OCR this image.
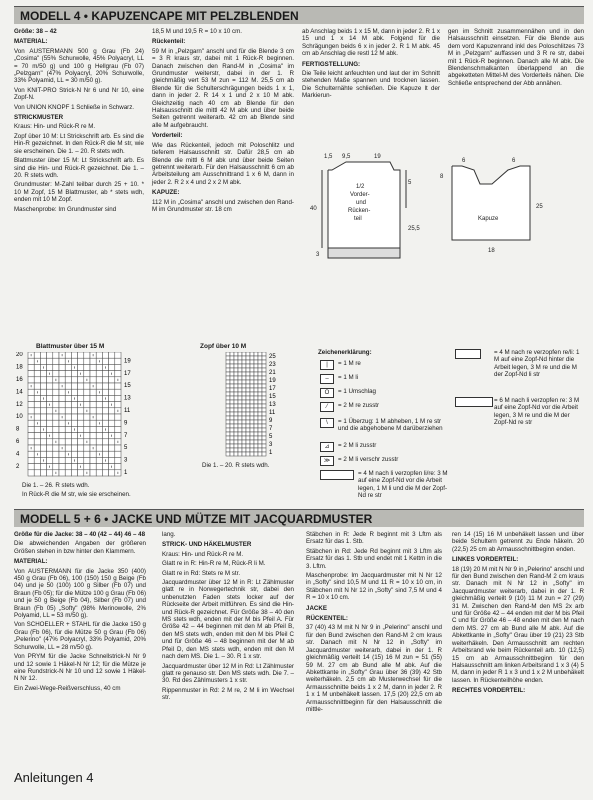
MODELL 4 • KAPUZENCAPE MIT PELZBLENDEN

Größe: 38 – 42

MATERIAL:

Von AUSTERMANN 500 g Grau (Fb 24) „Cosima" (55% Schurwolle, 45% Polyacryl, LL = 70 m/50 g) und 100 g Hellgrau (Fb 07) „Pelzgarn" (47% Polyacryl, 20% Schurwolle, 33% Polyamid, LL = 30 m/50 g).

Von KNIT-PRO Strick-N Nr 6 und Nr 10, eine Zopf-N.

Von UNION KNOPF 1 Schließe in Schwarz.

STRICKMUSTER

Kraus: Hin- und Rück-R re M.

Zopf über 10 M: Lt Strickschrift arb. Es sind die Hin-R gezeichnet. In den Rück-R die M str, wie sie erscheinen. Die 1. – 20. R stets wdh.

Blattmuster über 15 M: Lt Strickschrift arb. Es sind die Hin- und Rück-R gezeichnet. Die 1. – 20. R stets wdh.

Grundmuster: M-Zahl teilbar durch 25 + 10. * 10 M Zopf, 15 M Blattmuster, ab * stets wdh, enden mit 10 M Zopf.

Maschenprobe: Im Grundmuster sind

18,5 M und 19,5 R = 10 x 10 cm.

Rückenteil:

59 M in „Pelzgarn" anschl und für die Blende 3 cm = 3 R kraus str, dabei mit 1 Rück-R beginnen. Danach zwischen den Rand-M in „Cosima" im Grundmuster weiterstr, dabei in der 1. R gleichmäßig vert 53 M zun = 112 M. 25,5 cm ab Blende für die Schulterschrägungen beids 1 x 1, dann in jeder 2. R 14 x 1 und 2 x 10 M abk. Gleichzeitig nach 40 cm ab Blende für den Halsausschnitt die mittl 42 M abk und über beide Seiten getrennt weiterarb. 42 cm ab Blende sind alle M aufgebraucht.

Vorderteil:

Wie das Rückenteil, jedoch mit Poloschlitz und tieferem Halsausschnitt str. Dafür 28,5 cm ab Blende die mittl 6 M abk und über beide Seiten getrennt weiterarb. Für den Halsausschnitt 6 cm ab Arbeitsteilung am Ausschnittrand 1 x 6 M, dann in jeder 2. R 2 x 4 und 2 x 2 M abk.

KAPUZE:

112 M in „Cosima" anschl und zwischen den Rand-M im Grundmuster str. 18 cm

ab Anschlag beids 1 x 15 M, dann in jeder 2. R 1 x 15 und 1 x 14 M abk. Folgend für die Schrägungen beids 6 x in jeder 2. R 1 M abk. 45 cm ab Anschlag die restl 12 M abk.

FERTIGSTELLUNG:

Die Teile leicht anfeuchten und laut der im Schnitt stehenden Maße spannen und trocknen lassen. Die Schulternähte schließen. Die Kapuze lt der Markierun-

gen im Schnitt zusammennähen und in den Halsausschnitt einsetzen. Für die Blende aus dem vord Kapuzenrand inkl des Poloschlitzes 73 M in „Pelzgarn" auffassen und 3 R re str, dabei mit 1 Rück-R beginnen. Danach alle M abk. Die Blendenschmalkanten überlappend an die abgeketteten Mittel-M des Vorderteils nähen. Die Schließe entsprechend der Abb annähen.

1,5 9,5	19
1/2
Vorder-
und
Rücken-
teil
5
40
25,5
3
25
18
Kapuze
8
6	6
Blattmuster über 15 M
20
18
16
14
12
10
8
6
4
2
19
17
15
13
11
9
7
5
3
1
Die 1. – 26. R stets wdh.
In Rück-R die M str, wie sie erscheinen.
Zopf über 10 M
25
23
21
19
17
15
13
11
9
7
5
3
1
Die 1. – 20. R stets wdh.
Zeichenerklärung:
|	= 1 M re
–	= 1 M li
O	= 1 Umschlag
⁄	= 2 M re zusstr
\	= 1 Überzug: 1 M abheben, 1 M re str und die abgehobene M darüberziehen
⊿	= 2 M li zusstr
≫	= 2 M li verschr zusstr
= 4 M nach li verzopfen li/re: 3 M auf eine Zopf-Nd vor die Arbeit legen, 1 M li und die M der Zopf-Nd re str
= 4 M nach re verzopfen re/li: 1 M auf eine Zopf-Nd hinter die Arbeit legen, 3 M re und die M der Zopf-Nd li str
= 6 M nach li verzopfen re: 3 M auf eine Zopf-Nd vor die Arbeit legen, 3 M re und die M der Zopf-Nd re str
MODELL 5 + 6 • JACKE UND MÜTZE MIT JACQUARDMUSTER

Größe für die Jacke: 38 – 40 (42 – 44) 46 – 48

Die abweichenden Angaben der größeren Größen stehen in bzw hinter den Klammern.

MATERIAL:

Von AUSTERMANN für die Jacke 350 (400) 450 g Grau (Fb 06), 100 (150) 150 g Beige (Fb 04) und je 50 (100) 100 g Silber (Fb 07) und Braun (Fb 05); für die Mütze 100 g Grau (Fb 06) und je 50 g Beige (Fb 04), Silber (Fb 07) und Braun (Fb 05) „Softy" (98% Merinowolle, 2% Polyamid, LL = 53 m/50 g).

Von SCHOELLER + STAHL für die Jacke 150 g Grau (Fb 06), für die Mütze 50 g Grau (Fb 06) „Pelerino" (47% Polyacryl, 33% Polyamid, 20% Schurwolle, LL = 28 m/50 g).

Von PRYM für die Jacke Schnellstrick-N Nr 9 und 12 sowie 1 Häkel-N Nr 12; für die Mütze je eine Rundstrick-N Nr 10 und 12 sowie 1 Häkel-N Nr 12.

Ein Zwei-Wege-Reißverschluss, 40 cm

lang.

STRICK- UND HÄKELMUSTER

Kraus: Hin- und Rück-R re M.

Glatt re in R: Hin-R re M, Rück-R li M.

Glatt re in Rd: Stets re M str.

Jacquardmuster über 12 M in R: Lt Zählmuster glatt re in Norwegertechnik str, dabei den unbenutzten Faden stets locker auf der Rückseite der Arbeit mitführen. Es sind die Hin- und Rück-R gezeichnet. Für Größe 38 – 40 den MS stets wdh, enden mit der M bis Pfeil A. Für Größe 42 – 44 beginnen mit den M ab Pfeil B, den MS stets wdh, enden mit den M bis Pfeil C und für Größe 46 – 48 beginnen mit der M ab Pfeil D, den MS stets wdh, enden mit den M nach dem MS. Die 1. – 30. R 1 x str.

Jacquardmuster über 12 M in Rd: Lt Zählmuster glatt re genauso str. Den MS stets wdh. Die 7. – 30. Rd des Zählmusters 1 x str.

Rippenmuster in Rd: 2 M re, 2 M li im Wechsel str.

Stäbchen in R: Jede R beginnt mit 3 Lftm als Ersatz für das 1. Stb.

Stäbchen in Rd: Jede Rd beginnt mit 3 Lftm als Ersatz für das 1. Stb und endet mit 1 Kettm in die 3. Lftm.

Maschenprobe: Im Jacquardmuster mit N Nr 12 in „Softy" sind 10,5 M und 11 R = 10 x 10 cm, in Stäbchen mit N Nr 12 in „Softy" sind 7,5 M und 4 R = 10 x 10 cm.

JACKE

RÜCKENTEIL:

37 (40) 43 M mit N Nr 9 in „Pelerino" anschl und für den Bund zwischen den Rand-M 2 cm kraus str. Danach mit N Nr 12 in „Softy" im Jacquardmuster weiterarb, dabei in der 1. R gleichmäßig verteilt 14 (15) 16 M zun = 51 (55) 59 M. 27 cm ab Bund alle M abk. Auf die Abkettkante in „Softy" Grau über 36 (39) 42 Stb weiterhäkeln. 2,5 cm ab Musterwechsel für die Armausschnitte beids 1 x 2 M, dann in jeder 2. R 1 x 1 M unbehäkelt lassen. 17,5 (20) 22,5 cm ab Armausschnittbeginn für den Halsausschnitt die mittle-

ren 14 (15) 16 M unbehäkelt lassen und über beide Schultern getrennt zu Ende häkeln. 20 (22,5) 25 cm ab Armausschnittbeginn enden.

LINKES VORDERTEIL:

18 (19) 20 M mit N Nr 9 in „Pelerino" anschl und für den Bund zwischen den Rand-M 2 cm kraus str. Danach mit N Nr 12 in „Softy" im Jacquardmuster weiterarb, dabei in der 1. R gleichmäßig verteilt 9 (10) 11 M zun = 27 (29) 31 M. Zwischen den Rand-M den MS 2x arb und für Größe 42 – 44 enden mit der M bis Pfeil C und für Größe 46 – 48 enden mit den M nach dem MS. 27 cm ab Bund alle M abk. Auf die Abkettkante in „Softy" Grau über 19 (21) 23 Stb weiterhäkeln. Den Armausschnitt am rechten Arbeitsrand wie beim Rückenteil arb. 10 (12,5) 15 cm ab Armausschnittbeginn für den Halsausschnitt am linken Arbeitsrand 1 x 3 (4) 5 M, dann in jeder R 1 x 3 und 1 x 2 M unbehäkelt lassen. In Rückenteilhöhe enden.

RECHTES VORDERTEIL:

Anleitungen 4
